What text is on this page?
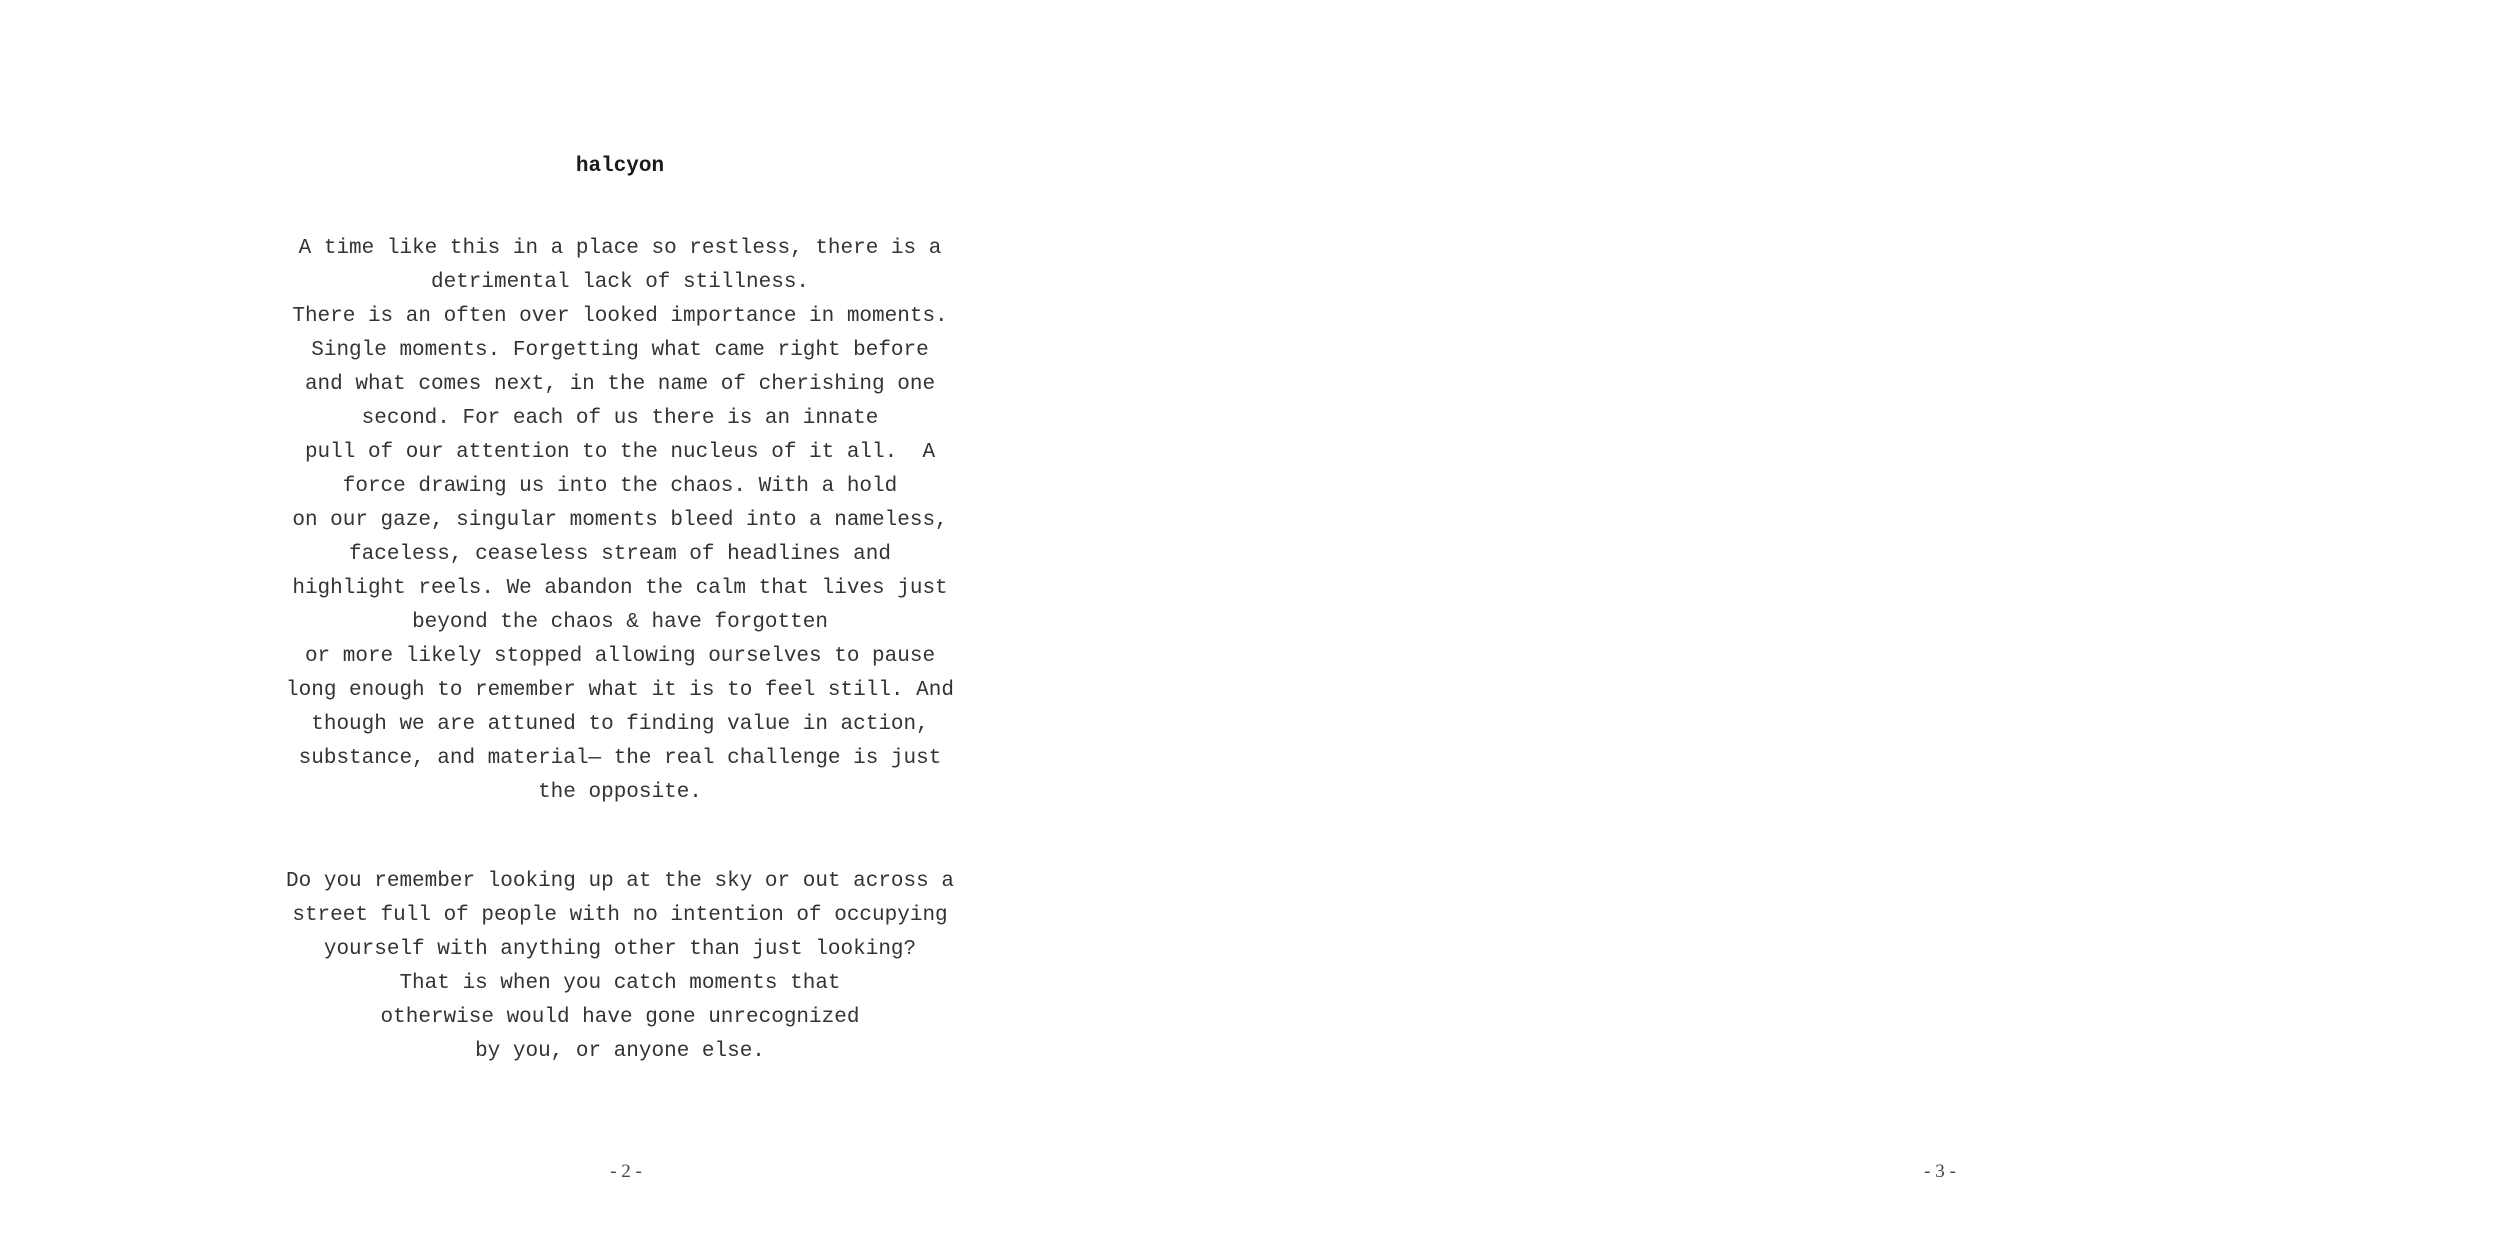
halcyon
A time like this in a place so restless, there is a
detrimental lack of stillness.
There is an often over looked importance in moments.
Single moments. Forgetting what came right before
and what comes next, in the name of cherishing one
second. For each of us there is an innate
pull of our attention to the nucleus of it all.  A
force drawing us into the chaos. With a hold
on our gaze, singular moments bleed into a nameless,
faceless, ceaseless stream of headlines and
highlight reels. We abandon the calm that lives just
beyond the chaos & have forgotten
or more likely stopped allowing ourselves to pause
long enough to remember what it is to feel still. And
though we are attuned to finding value in action,
substance, and material— the real challenge is just
the opposite.
Do you remember looking up at the sky or out across a
street full of people with no intention of occupying
yourself with anything other than just looking?
That is when you catch moments that
otherwise would have gone unrecognized
by you, or anyone else.
- 2 -	- 3 -
